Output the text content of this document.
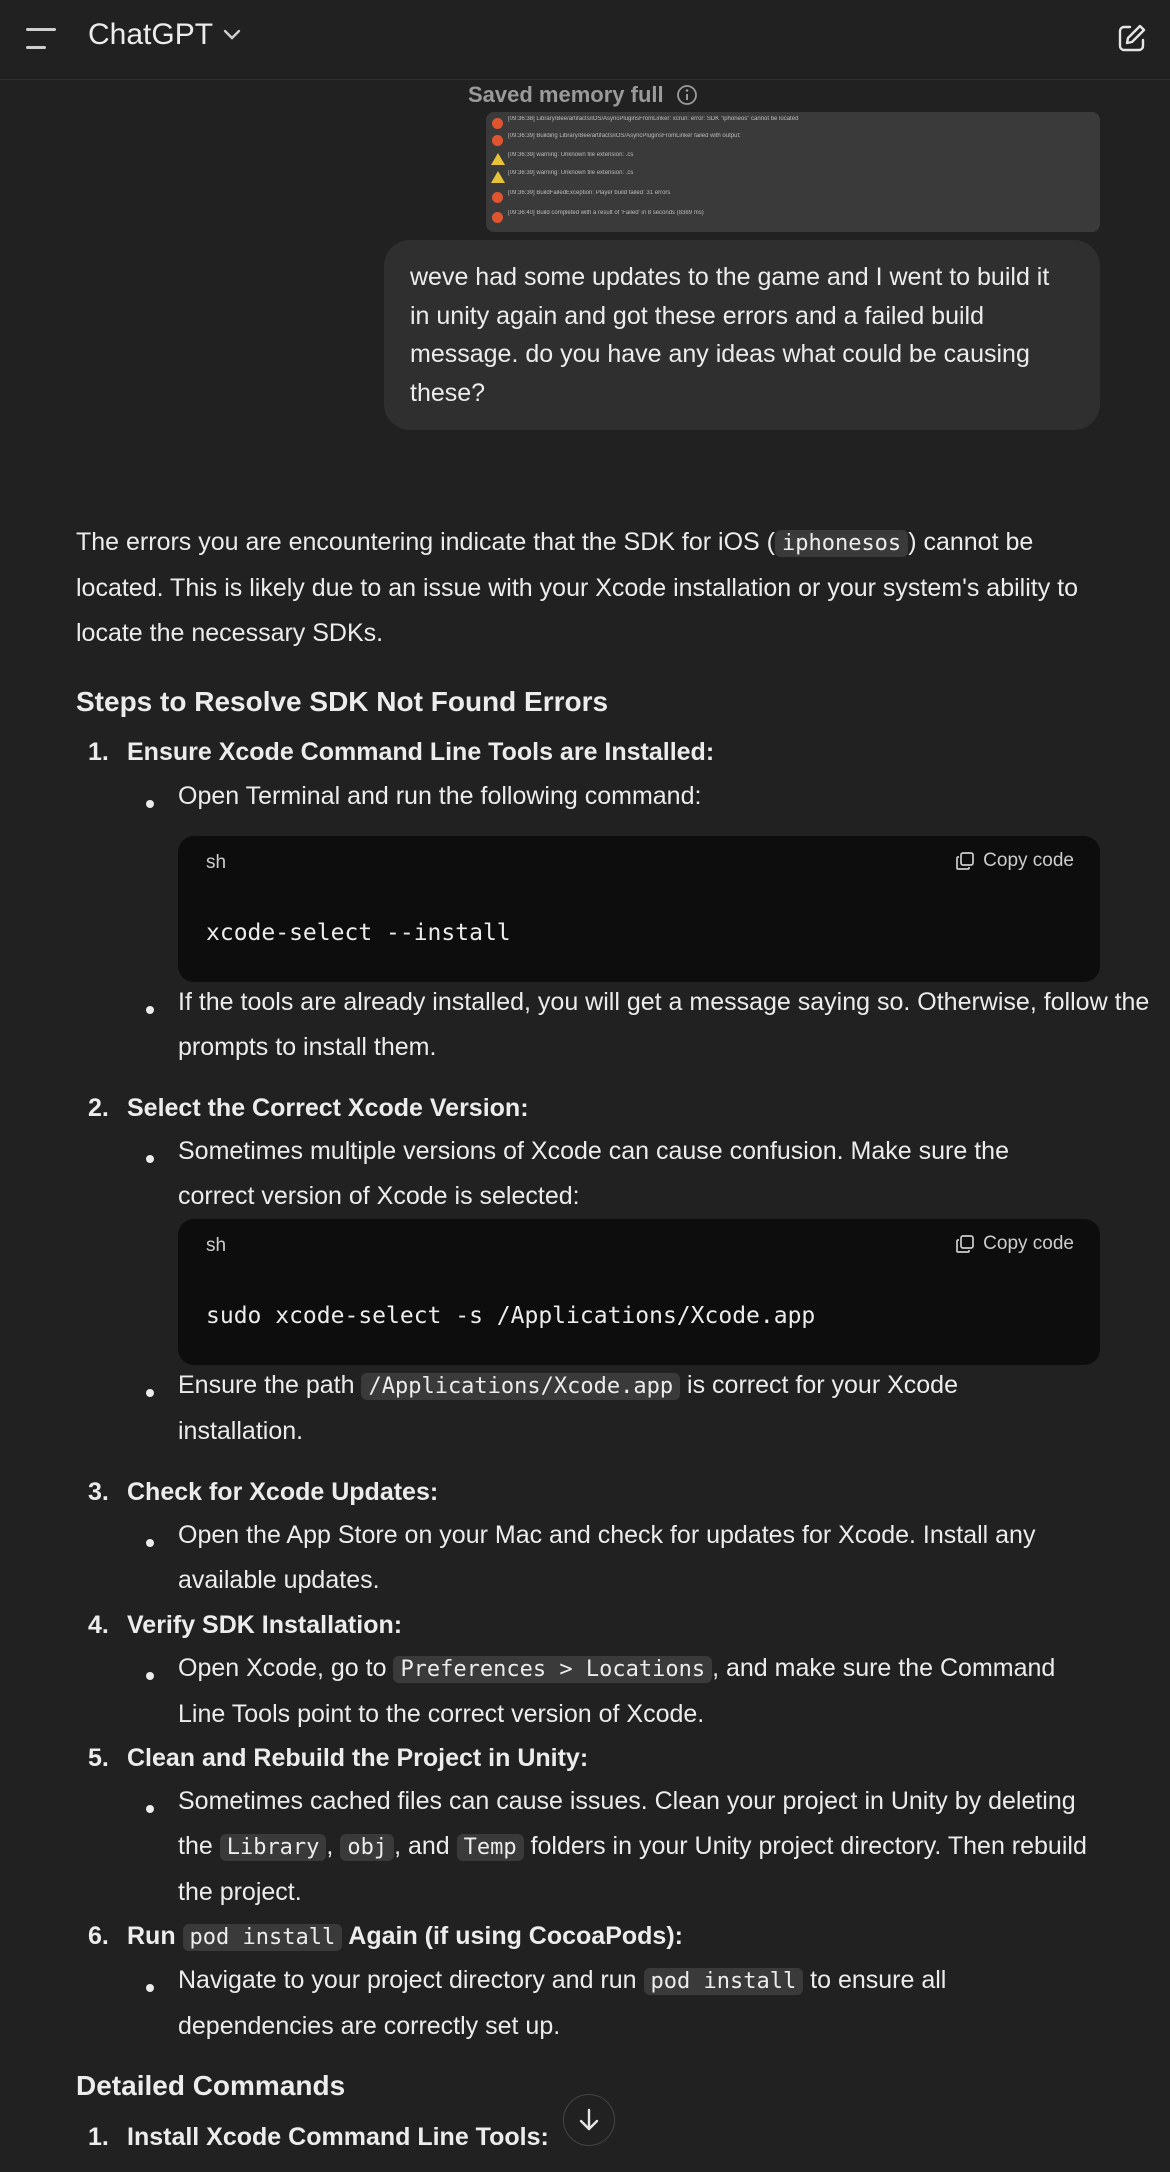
ChatGPT
Saved memory full
[09:36:38] Library/Bee/artifacts/iOS/AsyncPluginsFromLinker: xcrun: error: SDK "iphoneos" cannot be located
[09:36:39] Building Library/Bee/artifacts/iOS/AsyncPluginsFromLinker failed with output:
[09:36:39] warning: Unknown file extension: .cs
[09:36:39] warning: Unknown file extension: .cs
[09:36:39] BuildFailedException: Player build failed: 31 errors
[09:36:40] Build completed with a result of 'Failed' in 8 seconds (8389 ms)
weve had some updates to the game and I went to build it in unity again and got these errors and a failed build message. do you have any ideas what could be causing these?
The errors you are encountering indicate that the SDK for iOS ( iphonesos ) cannot be located. This is likely due to an issue with your Xcode installation or your system's ability to locate the necessary SDKs.
Steps to Resolve SDK Not Found Errors
1. Ensure Xcode Command Line Tools are Installed:
Open Terminal and run the following command:
sh	Copy code
xcode-select --install
If the tools are already installed, you will get a message saying so. Otherwise, follow the prompts to install them.
2. Select the Correct Xcode Version:
Sometimes multiple versions of Xcode can cause confusion. Make sure the correct version of Xcode is selected:
sh	Copy code
sudo xcode-select -s /Applications/Xcode.app
Ensure the path /Applications/Xcode.app is correct for your Xcode installation.
3. Check for Xcode Updates:
Open the App Store on your Mac and check for updates for Xcode. Install any available updates.
4. Verify SDK Installation:
Open Xcode, go to Preferences > Locations , and make sure the Command Line Tools point to the correct version of Xcode.
5. Clean and Rebuild the Project in Unity:
Sometimes cached files can cause issues. Clean your project in Unity by deleting the Library , obj , and Temp folders in your Unity project directory. Then rebuild the project.
6. Run pod install Again (if using CocoaPods):
Navigate to your project directory and run pod install to ensure all dependencies are correctly set up.
Detailed Commands
1. Install Xcode Command Line Tools:
